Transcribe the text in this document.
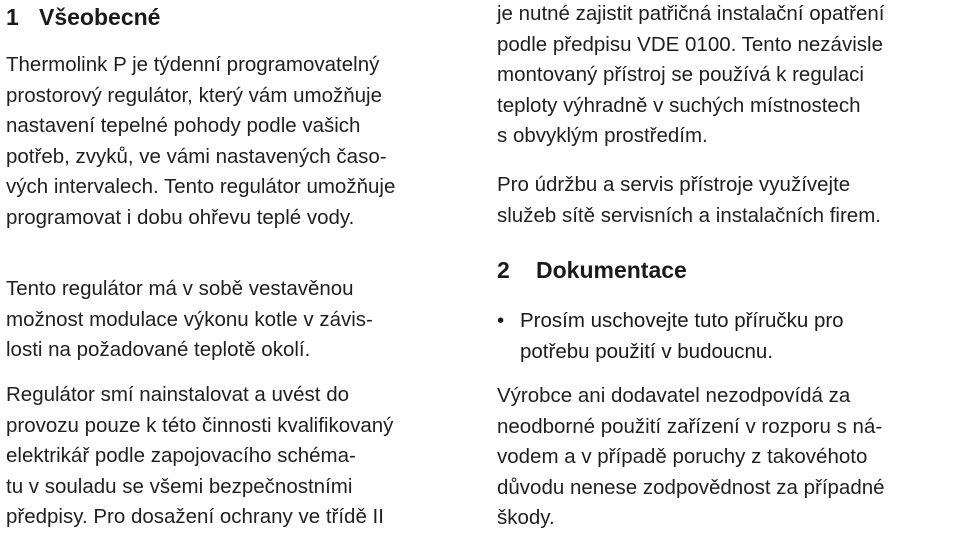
1 Všeobecné

Thermolink P je týdenní programovatelný
prostorový regulátor, který vám umožňuje
nastavení tepelné pohody podle vašich
potřeb, zvyků, ve vámi nastavených časo-
vých intervalech. Tento regulátor umožňuje
programovat i dobu ohřevu teplé vody.

Tento regulátor má v sobě vestavěnou
možnost modulace výkonu kotle v závis-
losti na požadované teplotě okolí.

Regulátor smí nainstalovat a uvést do
provozu pouze k této činnosti kvalifikovaný
elektrikář podle zapojovacího schéma-
tu v souladu se všemi bezpečnostními
předpisy. Pro dosažení ochrany ve třídě II

je nutné zajistit patřičná instalační opatření
podle předpisu VDE 0100. Tento nezávisle
montovaný přístroj se používá k regulaci
teploty výhradně v suchých místnostech
s obvyklým prostředím.

Pro údržbu a servis přístroje využívejte
služeb sítě servisních a instalačních firem.

2 Dokumentace
• Prosím uschovejte tuto příručku pro
potřebu použití v budoucnu.

Výrobce ani dodavatel nezodpovídá za
neodborné použití zařízení v rozporu s ná-
vodem a v případě poruchy z takovéhoto
důvodu nenese zodpovědnost za případné
škody.
